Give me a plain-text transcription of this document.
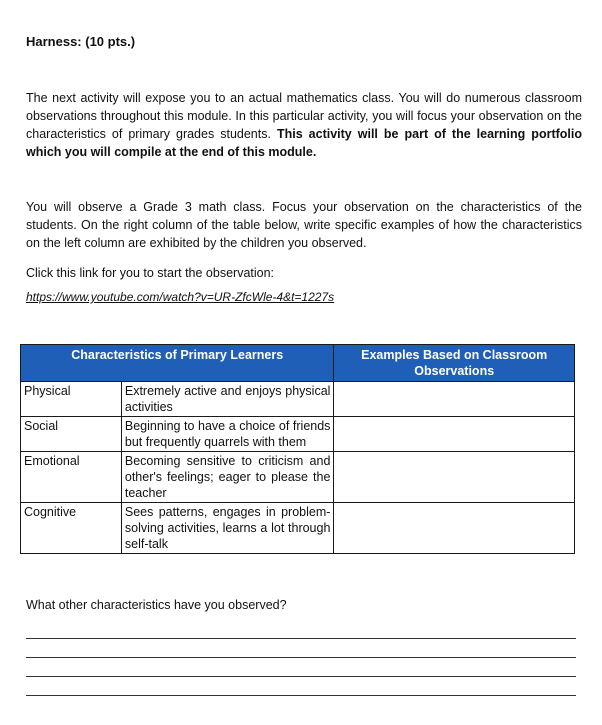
Harness: (10 pts.)
The next activity will expose you to an actual mathematics class. You will do numerous classroom observations throughout this module. In this particular activity, you will focus your observation on the characteristics of primary grades students. This activity will be part of the learning portfolio which you will compile at the end of this module.
You will observe a Grade 3 math class. Focus your observation on the characteristics of the students. On the right column of the table below, write specific examples of how the characteristics on the left column are exhibited by the children you observed.
Click this link for you to start the observation:
https://www.youtube.com/watch?v=UR-ZfcWle-4&t=1227s
Characteristics of Primary Learners		Examples Based on Classroom Observations
Physical	Extremely active and enjoys physical activities	
Social	Beginning to have a choice of friends but frequently quarrels with them	
Emotional	Becoming sensitive to criticism and other's feelings; eager to please the teacher	
Cognitive	Sees patterns, engages in problem-solving activities, learns a lot through self-talk	
What other characteristics have you observed?
